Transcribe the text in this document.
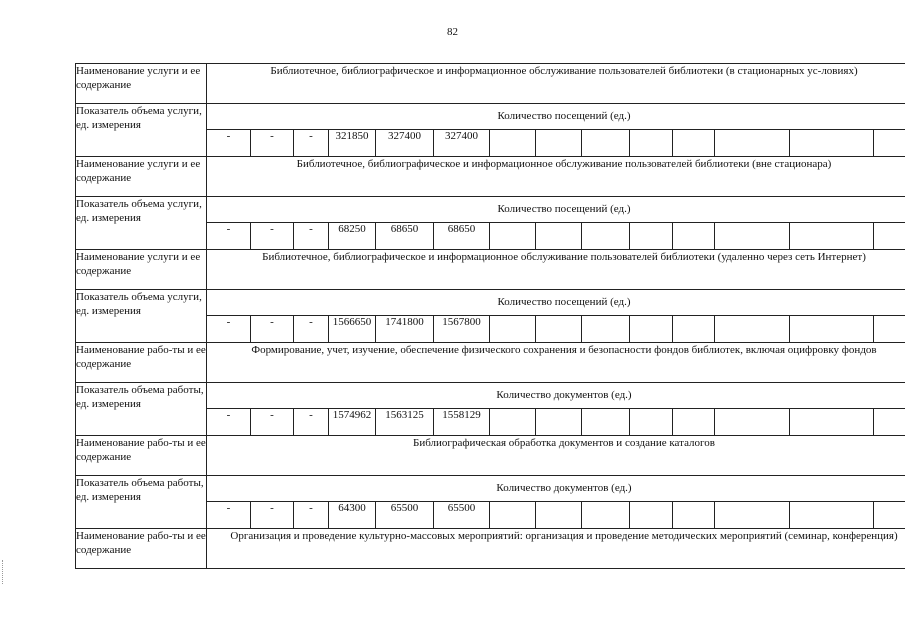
82
Наименование услуги и ее содержание	Библиотечное, библиографическое и информационное обслуживание пользователей библиотеки (в стационарных ус-ловиях)													
Показатель объема услуги, ед. измерения	Количество посещений (ед.)													
	-	-	-	321850	327400	327400								
Наименование услуги и ее содержание	Библиотечное, библиографическое и информационное обслуживание пользователей библиотеки (вне стационара)													
Показатель объема услуги, ед. измерения	Количество посещений (ед.)													
	-	-	-	68250	68650	68650								
Наименование услуги и ее содержание	Библиотечное, библиографическое и информационное обслуживание пользователей библиотеки (удаленно через сеть Интернет)													
Показатель объема услуги, ед. измерения	Количество посещений (ед.)													
	-	-	-	1566650	1741800	1567800								
Наименование рабо-ты и ее содержание	Формирование, учет, изучение, обеспечение физического сохранения и безопасности фондов библиотек, включая оцифровку фондов													
Показатель объема работы, ед. измерения	Количество документов (ед.)													
	-	-	-	1574962	1563125	1558129								
Наименование рабо-ты и ее содержание	Библиографическая обработка документов и создание каталогов													
Показатель объема работы, ед. измерения	Количество документов (ед.)													
	-	-	-	64300	65500	65500								
Наименование рабо-ты и ее содержание	Организация и проведение культурно-массовых мероприятий: организация и проведение методических мероприятий (семинар, конференция)													
